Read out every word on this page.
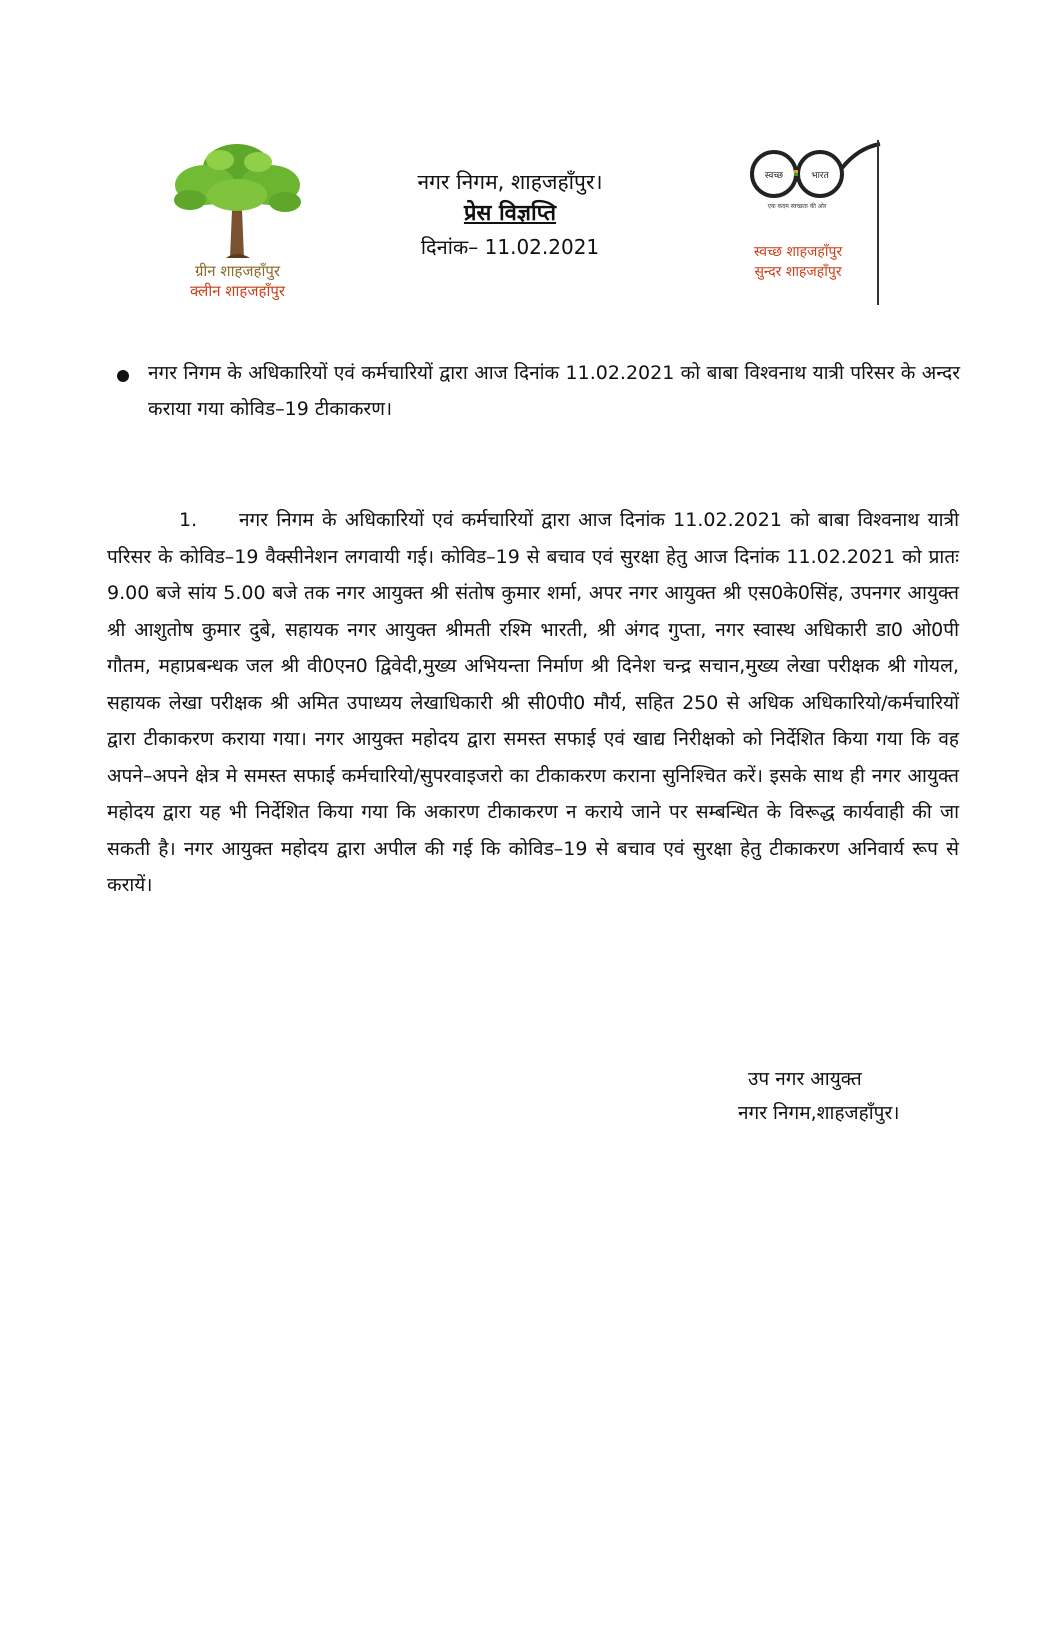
ग्रीन शाहजहाँपुर
क्लीन शाहजहाँपुर
नगर निगम, शाहजहाँपुर।
प्रेस विज्ञप्ति
दिनांक– 11.02.2021
स्वच्छ	भारत
एक कदम स्वच्छता की ओर
स्वच्छ शाहजहाँपुर
सुन्दर शाहजहाँपुर
नगर निगम के अधिकारियों एवं कर्मचारियों द्वारा आज दिनांक 11.02.2021 को बाबा विश्वनाथ यात्री परिसर के अन्दर कराया गया कोविड–19 टीकाकरण।
1. नगर निगम के अधिकारियों एवं कर्मचारियों द्वारा आज दिनांक 11.02.2021 को बाबा विश्वनाथ यात्री परिसर के कोविड–19 वैक्सीनेशन लगवायी गई। कोविड–19 से बचाव एवं सुरक्षा हेतु आज दिनांक 11.02.2021 को प्रातः 9.00 बजे सांय 5.00 बजे तक नगर आयुक्त श्री संतोष कुमार शर्मा, अपर नगर आयुक्त श्री एस0के0सिंह, उपनगर आयुक्त श्री आशुतोष कुमार दुबे, सहायक नगर आयुक्त श्रीमती रश्मि भारती, श्री अंगद गुप्ता, नगर स्वास्थ अधिकारी डा0 ओ0पी गौतम, महाप्रबन्धक जल श्री वी0एन0 द्विवेदी,मुख्य अभियन्ता निर्माण श्री दिनेश चन्द्र सचान,मुख्य लेखा परीक्षक श्री गोयल, सहायक लेखा परीक्षक श्री अमित उपाध्यय लेखाधिकारी श्री सी0पी0 मौर्य, सहित 250 से अधिक अधिकारियो/कर्मचारियों द्वारा टीकाकरण कराया गया। नगर आयुक्त महोदय द्वारा समस्त सफाई एवं खाद्य निरीक्षको को निर्देशित किया गया कि वह अपने–अपने क्षेत्र मे समस्त सफाई कर्मचारियो/सुपरवाइजरो का टीकाकरण कराना सुनिश्चित करें। इसके साथ ही नगर आयुक्त महोदय द्वारा यह भी निर्देशित किया गया कि अकारण टीकाकरण न कराये जाने पर सम्बन्धित के विरूद्ध कार्यवाही की जा सकती है। नगर आयुक्त महोदय द्वारा अपील की गई कि कोविड–19 से बचाव एवं सुरक्षा हेतु टीकाकरण अनिवार्य रूप से करायें।
उप नगर आयुक्त
नगर निगम,शाहजहाँपुर।
